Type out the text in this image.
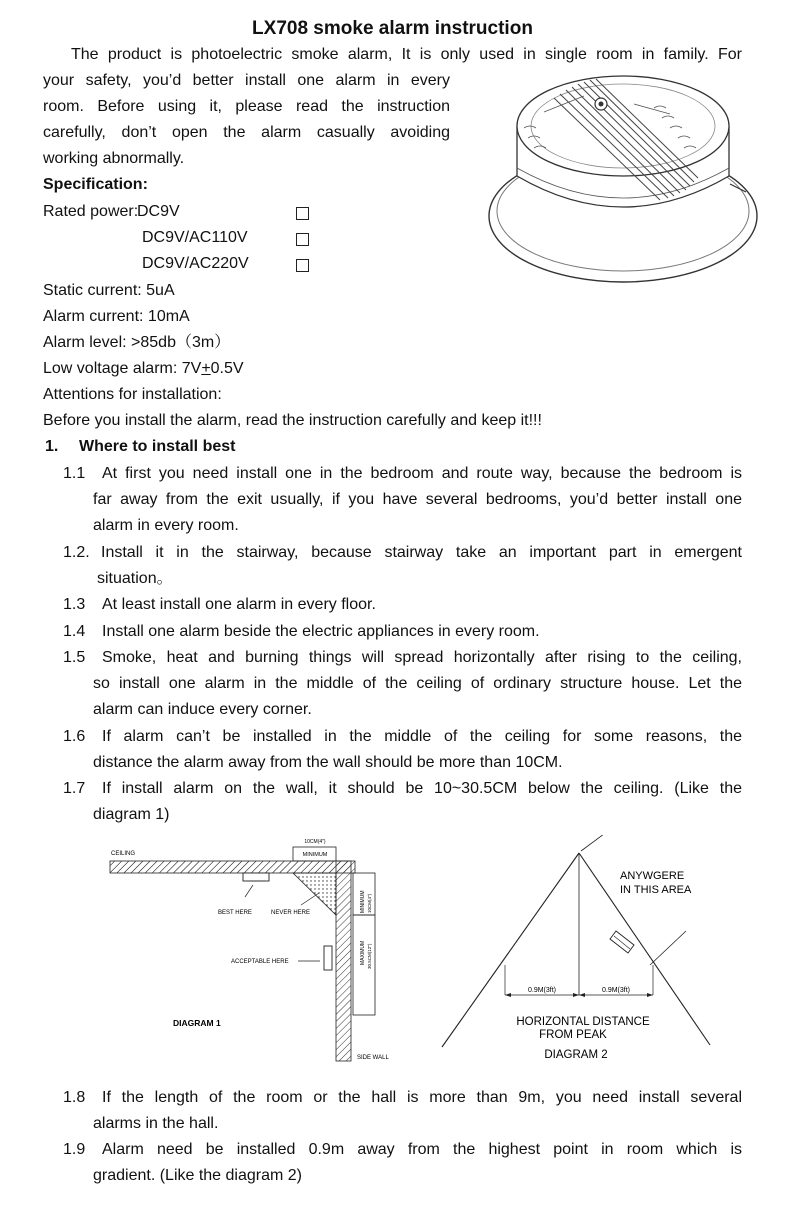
LX708 smoke alarm instruction
The product is photoelectric smoke alarm, It is only used in single room in family. For
your safety, you’d better install one alarm in every
room. Before using it, please read the instruction
carefully, don’t open the alarm casually avoiding
working abnormally.
Specification:
Rated power:
DC9V
DC9V/AC110V
DC9V/AC220V
Static current: 5uA
Alarm current: 10mA
Alarm level: >85db（3m）
Low voltage alarm: 7V+0.5V
Attentions for installation:
Before you install the alarm, read the instruction carefully and keep it!!!
1. Where to install best
1.1 At first you need install one in the bedroom and route way, because the bedroom is
far away from the exit usually, if you have several bedrooms, you’d better install one
alarm in every room.
1.2. Install it in the stairway, because stairway take an important part in emergent
situation。
1.3 At least install one alarm in every floor.
1.4 Install one alarm beside the electric appliances in every room.
1.5 Smoke, heat and burning things will spread horizontally after rising to the ceiling,
so install one alarm in the middle of the ceiling of ordinary structure house. Let the
alarm can induce every corner.
1.6 If alarm can’t be installed in the middle of the ceiling for some reasons, the
distance the alarm away from the wall should be more than 10CM.
1.7 If install alarm on the wall, it should be 10~30.5CM below the ceiling. (Like the
diagram 1)
10CM(4")
MINIMUM
CEILING
BEST HERE	NEVER HERE	MINIMUM 10CM(4")
MAXIMUM 30.5CM(12")
ACCEPTABLE HERE
DIAGRAM 1
SIDE WALL
0.9M(3ft)	0.9M(3ft)
ANYWGERE
IN THIS AREA
HORIZONTAL DISTANCE
FROM PEAK
DIAGRAM 2
1.8 If the length of the room or the hall is more than 9m, you need install several
alarms in the hall.
1.9 Alarm need be installed 0.9m away from the highest point in room which is
gradient. (Like the diagram 2)
